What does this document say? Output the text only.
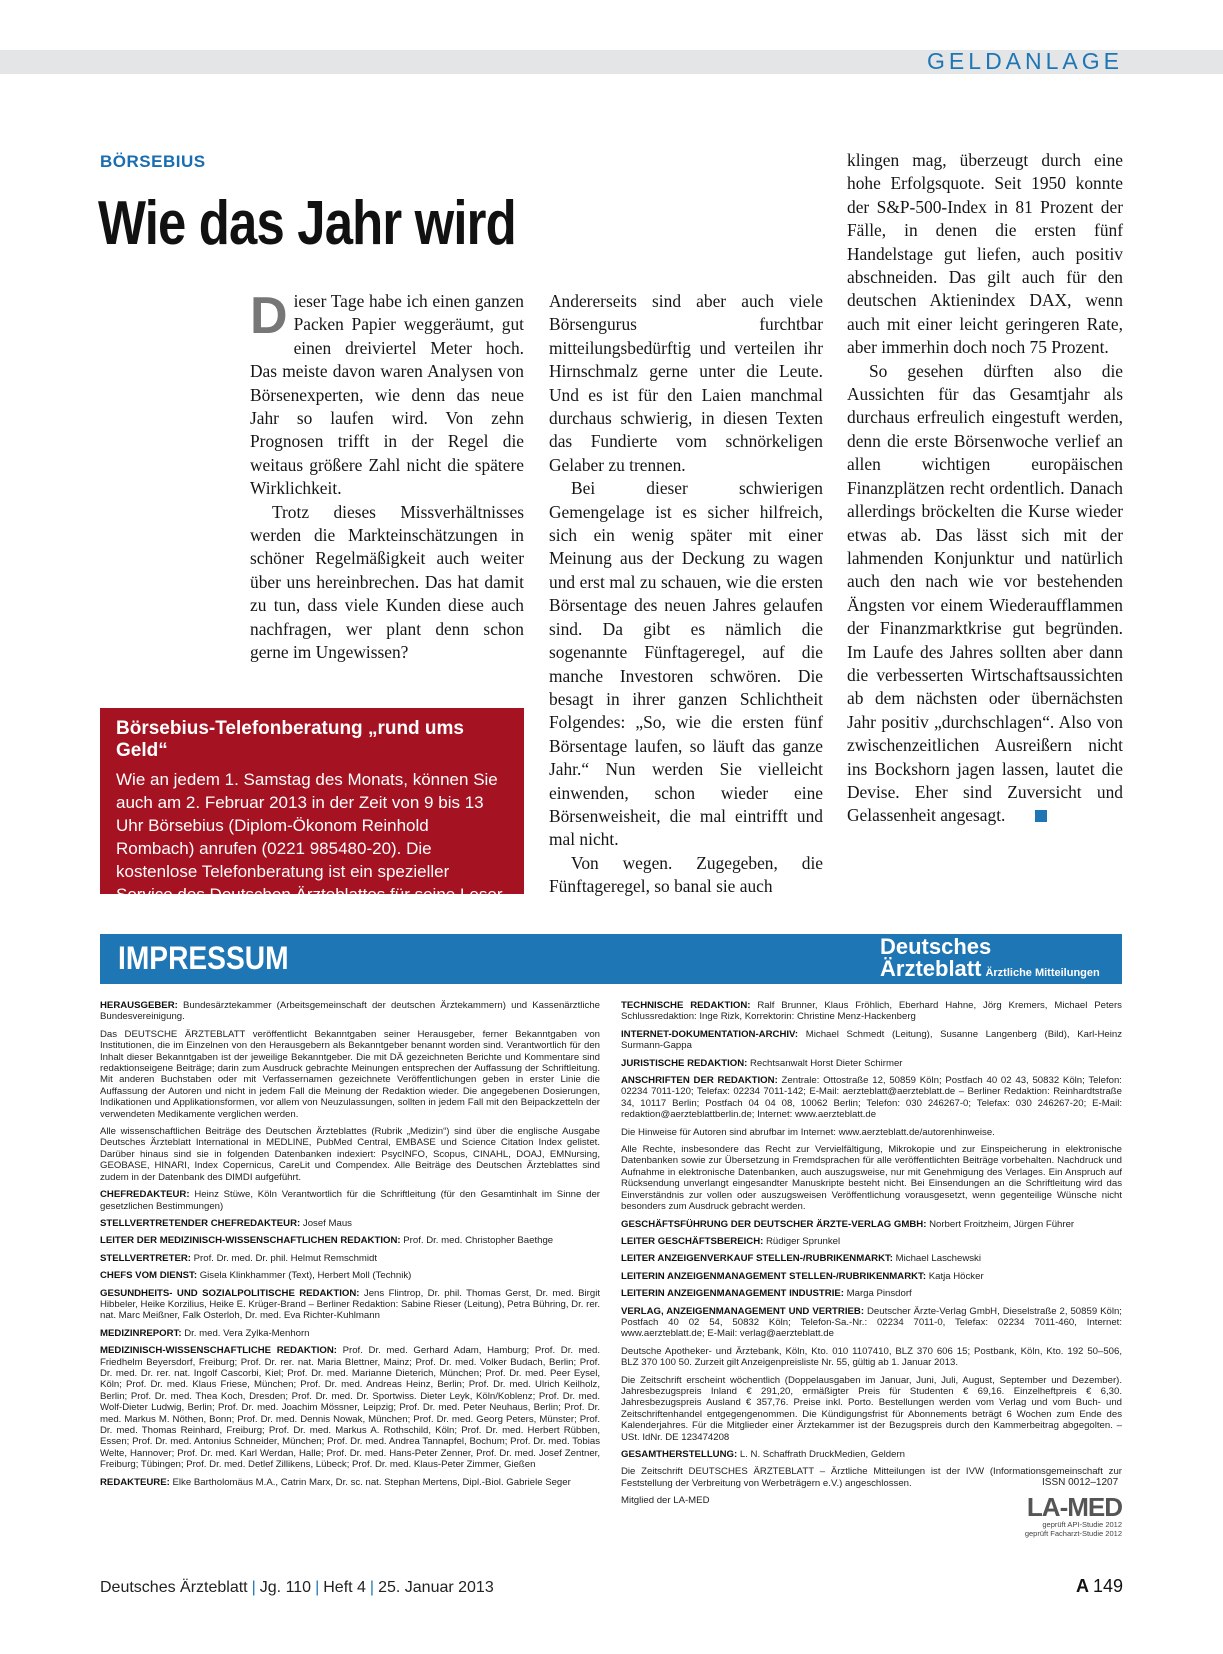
GELDANLAGE
BÖRSEBIUS
Wie das Jahr wird

Dieser Tage habe ich einen ganzen Packen Papier weggeräumt, gut einen dreiviertel Meter hoch. Das meiste davon waren Analysen von Börsenexperten, wie denn das neue Jahr so laufen wird. Von zehn Prognosen trifft in der Regel die weitaus größere Zahl nicht die spätere Wirklichkeit.

Trotz dieses Missverhältnisses werden die Markteinschätzungen in schöner Regelmäßigkeit auch weiter über uns hereinbrechen. Das hat damit zu tun, dass viele Kunden diese auch nachfragen, wer plant denn schon gerne im Ungewissen?

Börsebius-Telefonberatung „rund ums Geld“

Wie an jedem 1. Samstag des Monats, können Sie auch am 2. Februar 2013 in der Zeit von 9 bis 13 Uhr Börsebius (Diplom-Ökonom Reinhold Rombach) anrufen (0221 985480-20). Die kostenlose Telefonberatung ist ein spezieller Service des Deutschen Ärzteblattes für seine Leser.

Andererseits sind aber auch viele Börsengurus furchtbar mitteilungsbedürftig und verteilen ihr Hirnschmalz gerne unter die Leute. Und es ist für den Laien manchmal durchaus schwierig, in diesen Texten das Fundierte vom schnörkeligen Gelaber zu trennen.

Bei dieser schwierigen Gemengelage ist es sicher hilfreich, sich ein wenig später mit einer Meinung aus der Deckung zu wagen und erst mal zu schauen, wie die ersten Börsentage des neuen Jahres gelaufen sind. Da gibt es nämlich die sogenannte Fünftageregel, auf die manche Investoren schwören. Die besagt in ihrer ganzen Schlichtheit Folgendes: „So, wie die ersten fünf Börsentage laufen, so läuft das ganze Jahr.“ Nun werden Sie vielleicht einwenden, schon wieder eine Börsenweisheit, die mal eintrifft und mal nicht.

Von wegen. Zugegeben, die Fünftageregel, so banal sie auch

klingen mag, überzeugt durch eine hohe Erfolgsquote. Seit 1950 konnte der S&P-500-Index in 81 Prozent der Fälle, in denen die ersten fünf Handelstage gut liefen, auch positiv abschneiden. Das gilt auch für den deutschen Aktienindex DAX, wenn auch mit einer leicht geringeren Rate, aber immerhin doch noch 75 Prozent.

So gesehen dürften also die Aussichten für das Gesamtjahr als durchaus erfreulich eingestuft werden, denn die erste Börsenwoche verlief an allen wichtigen europäischen Finanzplätzen recht ordentlich. Danach allerdings bröckelten die Kurse wieder etwas ab. Das lässt sich mit der lahmenden Konjunktur und natürlich auch den nach wie vor bestehenden Ängsten vor einem Wiederaufflammen der Finanzmarktkrise gut begründen. Im Laufe des Jahres sollten aber dann die verbesserten Wirtschaftsaussichten ab dem nächsten oder übernächsten Jahr positiv „durchschlagen“. Also von zwischenzeitlichen Ausreißern nicht ins Bockshorn jagen lassen, lautet die Devise. Eher sind Zuversicht und Gelassenheit angesagt.

IMPRESSUM	Deutsches
Ärzteblatt Ärztliche Mitteilungen

HERAUSGEBER: Bundesärztekammer (Arbeitsgemeinschaft der deutschen Ärztekammern) und Kassenärztliche Bundesvereinigung.

Das DEUTSCHE ÄRZTEBLATT veröffentlicht Bekanntgaben seiner Herausgeber, ferner Bekanntgaben von Institutionen, die im Einzelnen von den Herausgebern als Bekanntgeber benannt worden sind. Verantwortlich für den Inhalt dieser Bekanntgaben ist der jeweilige Bekanntgeber. Die mit DÄ gezeichneten Berichte und Kommentare sind redaktionseigene Beiträge; darin zum Ausdruck gebrachte Meinungen entsprechen der Auffassung der Schriftleitung. Mit anderen Buchstaben oder mit Verfassernamen gezeichnete Veröffentlichungen geben in erster Linie die Auffassung der Autoren und nicht in jedem Fall die Meinung der Redaktion wieder. Die angegebenen Dosierungen, Indikationen und Applikationsformen, vor allem von Neuzulassungen, sollten in jedem Fall mit den Beipackzetteln der verwendeten Medikamente verglichen werden.

Alle wissenschaftlichen Beiträge des Deutschen Ärzteblattes (Rubrik „Medizin“) sind über die englische Ausgabe Deutsches Ärzteblatt International in MEDLINE, PubMed Central, EMBASE und Science Citation Index gelistet. Darüber hinaus sind sie in folgenden Datenbanken indexiert: PsycINFO, Scopus, CINAHL, DOAJ, EMNursing, GEOBASE, HINARI, Index Copernicus, CareLit und Compendex. Alle Beiträge des Deutschen Ärzteblattes sind zudem in der Datenbank des DIMDI aufgeführt.

CHEFREDAKTEUR: Heinz Stüwe, Köln Verantwortlich für die Schriftleitung (für den Gesamtinhalt im Sinne der gesetzlichen Bestimmungen)

STELLVERTRETENDER CHEFREDAKTEUR: Josef Maus

LEITER DER MEDIZINISCH-WISSENSCHAFTLICHEN REDAKTION: Prof. Dr. med. Christopher Baethge

STELLVERTRETER: Prof. Dr. med. Dr. phil. Helmut Remschmidt

CHEFS VOM DIENST: Gisela Klinkhammer (Text), Herbert Moll (Technik)

GESUNDHEITS- UND SOZIALPOLITISCHE REDAKTION: Jens Flintrop, Dr. phil. Thomas Gerst, Dr. med. Birgit Hibbeler, Heike Korzilius, Heike E. Krüger-Brand – Berliner Redaktion: Sabine Rieser (Leitung), Petra Bühring, Dr. rer. nat. Marc Meißner, Falk Osterloh, Dr. med. Eva Richter-Kuhlmann

MEDIZINREPORT: Dr. med. Vera Zylka-Menhorn

MEDIZINISCH-WISSENSCHAFTLICHE REDAKTION: Prof. Dr. med. Gerhard Adam, Hamburg; Prof. Dr. med. Friedhelm Beyersdorf, Freiburg; Prof. Dr. rer. nat. Maria Blettner, Mainz; Prof. Dr. med. Volker Budach, Berlin; Prof. Dr. med. Dr. rer. nat. Ingolf Cascorbi, Kiel; Prof. Dr. med. Marianne Dieterich, München; Prof. Dr. med. Peer Eysel, Köln; Prof. Dr. med. Klaus Friese, München; Prof. Dr. med. Andreas Heinz, Berlin; Prof. Dr. med. Ulrich Keilholz, Berlin; Prof. Dr. med. Thea Koch, Dresden; Prof. Dr. med. Dr. Sportwiss. Dieter Leyk, Köln/Koblenz; Prof. Dr. med. Wolf-Dieter Ludwig, Berlin; Prof. Dr. med. Joachim Mössner, Leipzig; Prof. Dr. med. Peter Neuhaus, Berlin; Prof. Dr. med. Markus M. Nöthen, Bonn; Prof. Dr. med. Dennis Nowak, München; Prof. Dr. med. Georg Peters, Münster; Prof. Dr. med. Thomas Reinhard, Freiburg; Prof. Dr. med. Markus A. Rothschild, Köln; Prof. Dr. med. Herbert Rübben, Essen; Prof. Dr. med. Antonius Schneider, München; Prof. Dr. med. Andrea Tannapfel, Bochum; Prof. Dr. med. Tobias Welte, Hannover; Prof. Dr. med. Karl Werdan, Halle; Prof. Dr. med. Hans-Peter Zenner, Prof. Dr. med. Josef Zentner, Freiburg; Tübingen; Prof. Dr. med. Detlef Zillikens, Lübeck; Prof. Dr. med. Klaus-Peter Zimmer, Gießen

REDAKTEURE: Elke Bartholomäus M.A., Catrin Marx, Dr. sc. nat. Stephan Mertens, Dipl.-Biol. Gabriele Seger

TECHNISCHE REDAKTION: Ralf Brunner, Klaus Fröhlich, Eberhard Hahne, Jörg Kremers, Michael Peters Schlussredaktion: Inge Rizk, Korrektorin: Christine Menz-Hackenberg

INTERNET-DOKUMENTATION-ARCHIV: Michael Schmedt (Leitung), Susanne Langenberg (Bild), Karl-Heinz Surmann-Gappa

JURISTISCHE REDAKTION: Rechtsanwalt Horst Dieter Schirmer

ANSCHRIFTEN DER REDAKTION: Zentrale: Ottostraße 12, 50859 Köln; Postfach 40 02 43, 50832 Köln; Telefon: 02234 7011-120; Telefax: 02234 7011-142; E-Mail: aerzteblatt@aerzteblatt.de – Berliner Redaktion: Reinhardtstraße 34, 10117 Berlin; Postfach 04 04 08, 10062 Berlin; Telefon: 030 246267-0; Telefax: 030 246267-20; E-Mail: redaktion@aerzteblattberlin.de; Internet: www.aerzteblatt.de

Die Hinweise für Autoren sind abrufbar im Internet: www.aerzteblatt.de/autorenhinweise.

Alle Rechte, insbesondere das Recht zur Vervielfältigung, Mikrokopie und zur Einspeicherung in elektronische Datenbanken sowie zur Übersetzung in Fremdsprachen für alle veröffentlichten Beiträge vorbehalten. Nachdruck und Aufnahme in elektronische Datenbanken, auch auszugsweise, nur mit Genehmigung des Verlages. Ein Anspruch auf Rücksendung unverlangt eingesandter Manuskripte besteht nicht. Bei Einsendungen an die Schriftleitung wird das Einverständnis zur vollen oder auszugsweisen Veröffentlichung vorausgesetzt, wenn gegenteilige Wünsche nicht besonders zum Ausdruck gebracht werden.

GESCHÄFTSFÜHRUNG DER DEUTSCHER ÄRZTE-VERLAG GMBH: Norbert Froitzheim, Jürgen Führer

LEITER GESCHÄFTSBEREICH: Rüdiger Sprunkel

LEITER ANZEIGENVERKAUF STELLEN-/RUBRIKENMARKT: Michael Laschewski

LEITERIN ANZEIGENMANAGEMENT STELLEN-/RUBRIKENMARKT: Katja Höcker

LEITERIN ANZEIGENMANAGEMENT INDUSTRIE: Marga Pinsdorf

VERLAG, ANZEIGENMANAGEMENT UND VERTRIEB: Deutscher Ärzte-Verlag GmbH, Dieselstraße 2, 50859 Köln; Postfach 40 02 54, 50832 Köln; Telefon-Sa.-Nr.: 02234 7011-0, Telefax: 02234 7011-460, Internet: www.aerzteblatt.de; E-Mail: verlag@aerzteblatt.de

Deutsche Apotheker- und Ärztebank, Köln, Kto. 010 1107410, BLZ 370 606 15; Postbank, Köln, Kto. 192 50–506, BLZ 370 100 50. Zurzeit gilt Anzeigenpreisliste Nr. 55, gültig ab 1. Januar 2013.

Die Zeitschrift erscheint wöchentlich (Doppelausgaben im Januar, Juni, Juli, August, September und Dezember). Jahresbezugspreis Inland € 291,20, ermäßigter Preis für Studenten € 69,16. Einzelheftpreis € 6,30. Jahresbezugspreis Ausland € 357,76. Preise inkl. Porto. Bestellungen werden vom Verlag und vom Buch- und Zeitschriftenhandel entgegengenommen. Die Kündigungsfrist für Abonnements beträgt 6 Wochen zum Ende des Kalenderjahres. Für die Mitglieder einer Ärztekammer ist der Bezugspreis durch den Kammerbeitrag abgegolten. – USt. IdNr. DE 123474208

GESAMTHERSTELLUNG: L. N. Schaffrath DruckMedien, Geldern

Die Zeitschrift DEUTSCHES ÄRZTEBLATT – Ärztliche Mitteilungen ist der IVW (Informationsgemeinschaft zur Feststellung der Verbreitung von Werbeträgern e.V.) angeschlossen.

Mitglied der LA-MED

ISSN 0012–1207
LA-MED
geprüft API-Studie 2012
geprüft Facharzt-Studie 2012
Deutsches Ärzteblatt | Jg. 110 | Heft 4 | 25. Januar 2013	A 149
